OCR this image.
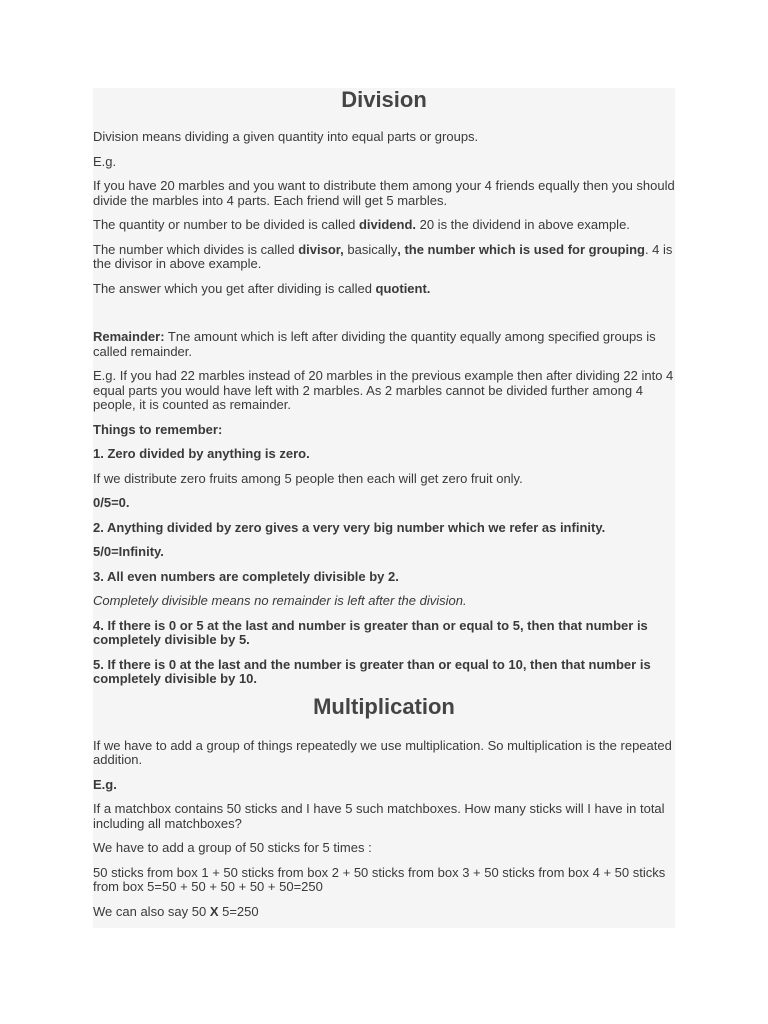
Division

Division means dividing a given quantity into equal parts or groups.

E.g.

If you have 20 marbles and you want to distribute them among your 4 friends equally then you should divide the marbles into 4 parts. Each friend will get 5 marbles.

The quantity or number to be divided is called dividend. 20 is the dividend in above example.

The number which divides is called divisor, basically, the number which is used for grouping. 4 is the divisor in above example.

The answer which you get after dividing is called quotient.

Remainder: Tne amount which is left after dividing the quantity equally among specified groups is called remainder.

E.g. If you had 22 marbles instead of 20 marbles in the previous example then after dividing 22 into 4 equal parts you would have left with 2 marbles. As 2 marbles cannot be divided further among 4 people, it is counted as remainder.

Things to remember:

1. Zero divided by anything is zero.

If we distribute zero fruits among 5 people then each will get zero fruit only.

0/5=0.

2. Anything divided by zero gives a very very big number which we refer as infinity.

5/0=Infinity.

3. All even numbers are completely divisible by 2.

Completely divisible means no remainder is left after the division.

4. If there is 0 or 5 at the last and number is greater than or equal to 5, then that number is completely divisible by 5.

5. If there is 0 at the last and the number is greater than or equal to 10, then that number is completely divisible by 10.

Multiplication

If we have to add a group of things repeatedly we use multiplication. So multiplication is the repeated addition.

E.g.

If a matchbox contains 50 sticks and I have 5 such matchboxes. How many sticks will I have in total including all matchboxes?

We have to add a group of 50 sticks for 5 times :

50 sticks from box 1 + 50 sticks from box 2 + 50 sticks from box 3 + 50 sticks from box 4 + 50 sticks from box 5=50 + 50 + 50 + 50 + 50=250

We can also say 50 X 5=250
